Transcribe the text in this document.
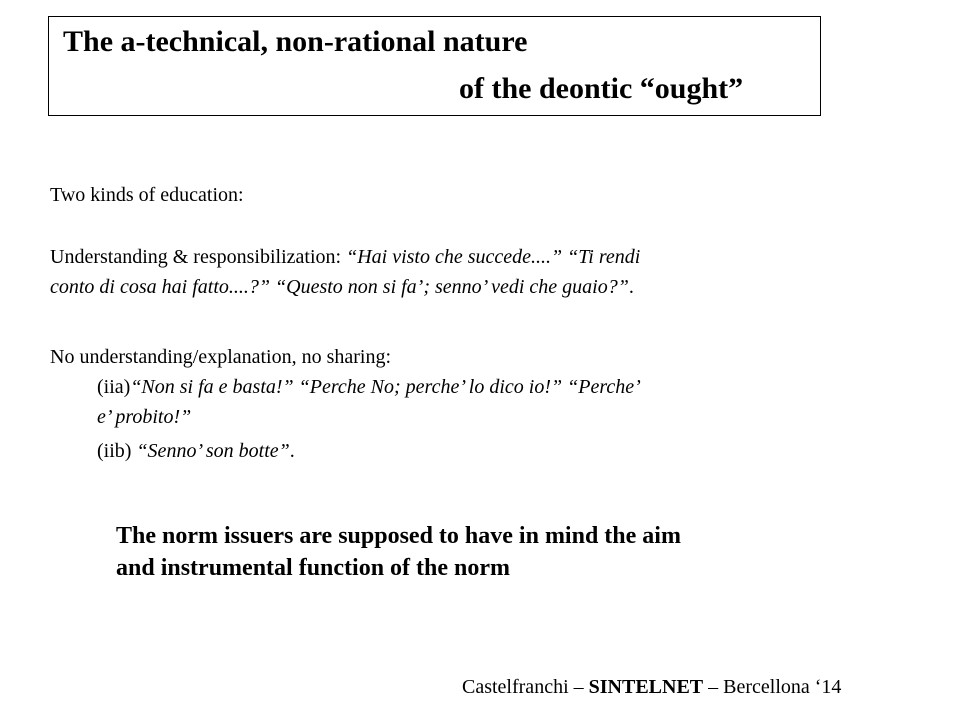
The a-technical, non-rational nature
of the deontic “ought”
Two kinds of education:
Understanding & responsibilization: “Hai visto che succede....” “Ti rendi
conto di cosa hai fatto....?” “Questo non si fa’; senno’ vedi che guaio?”.
No understanding/explanation, no sharing:
(iia)“Non si fa e basta!” “Perche No; perche’ lo dico io!” “Perche’
e’ probito!”
(iib) “Senno’ son botte”.
The norm issuers are supposed to have in mind the aim
and instrumental function of the norm
Castelfranchi – SINTELNET – Bercellona ‘14
